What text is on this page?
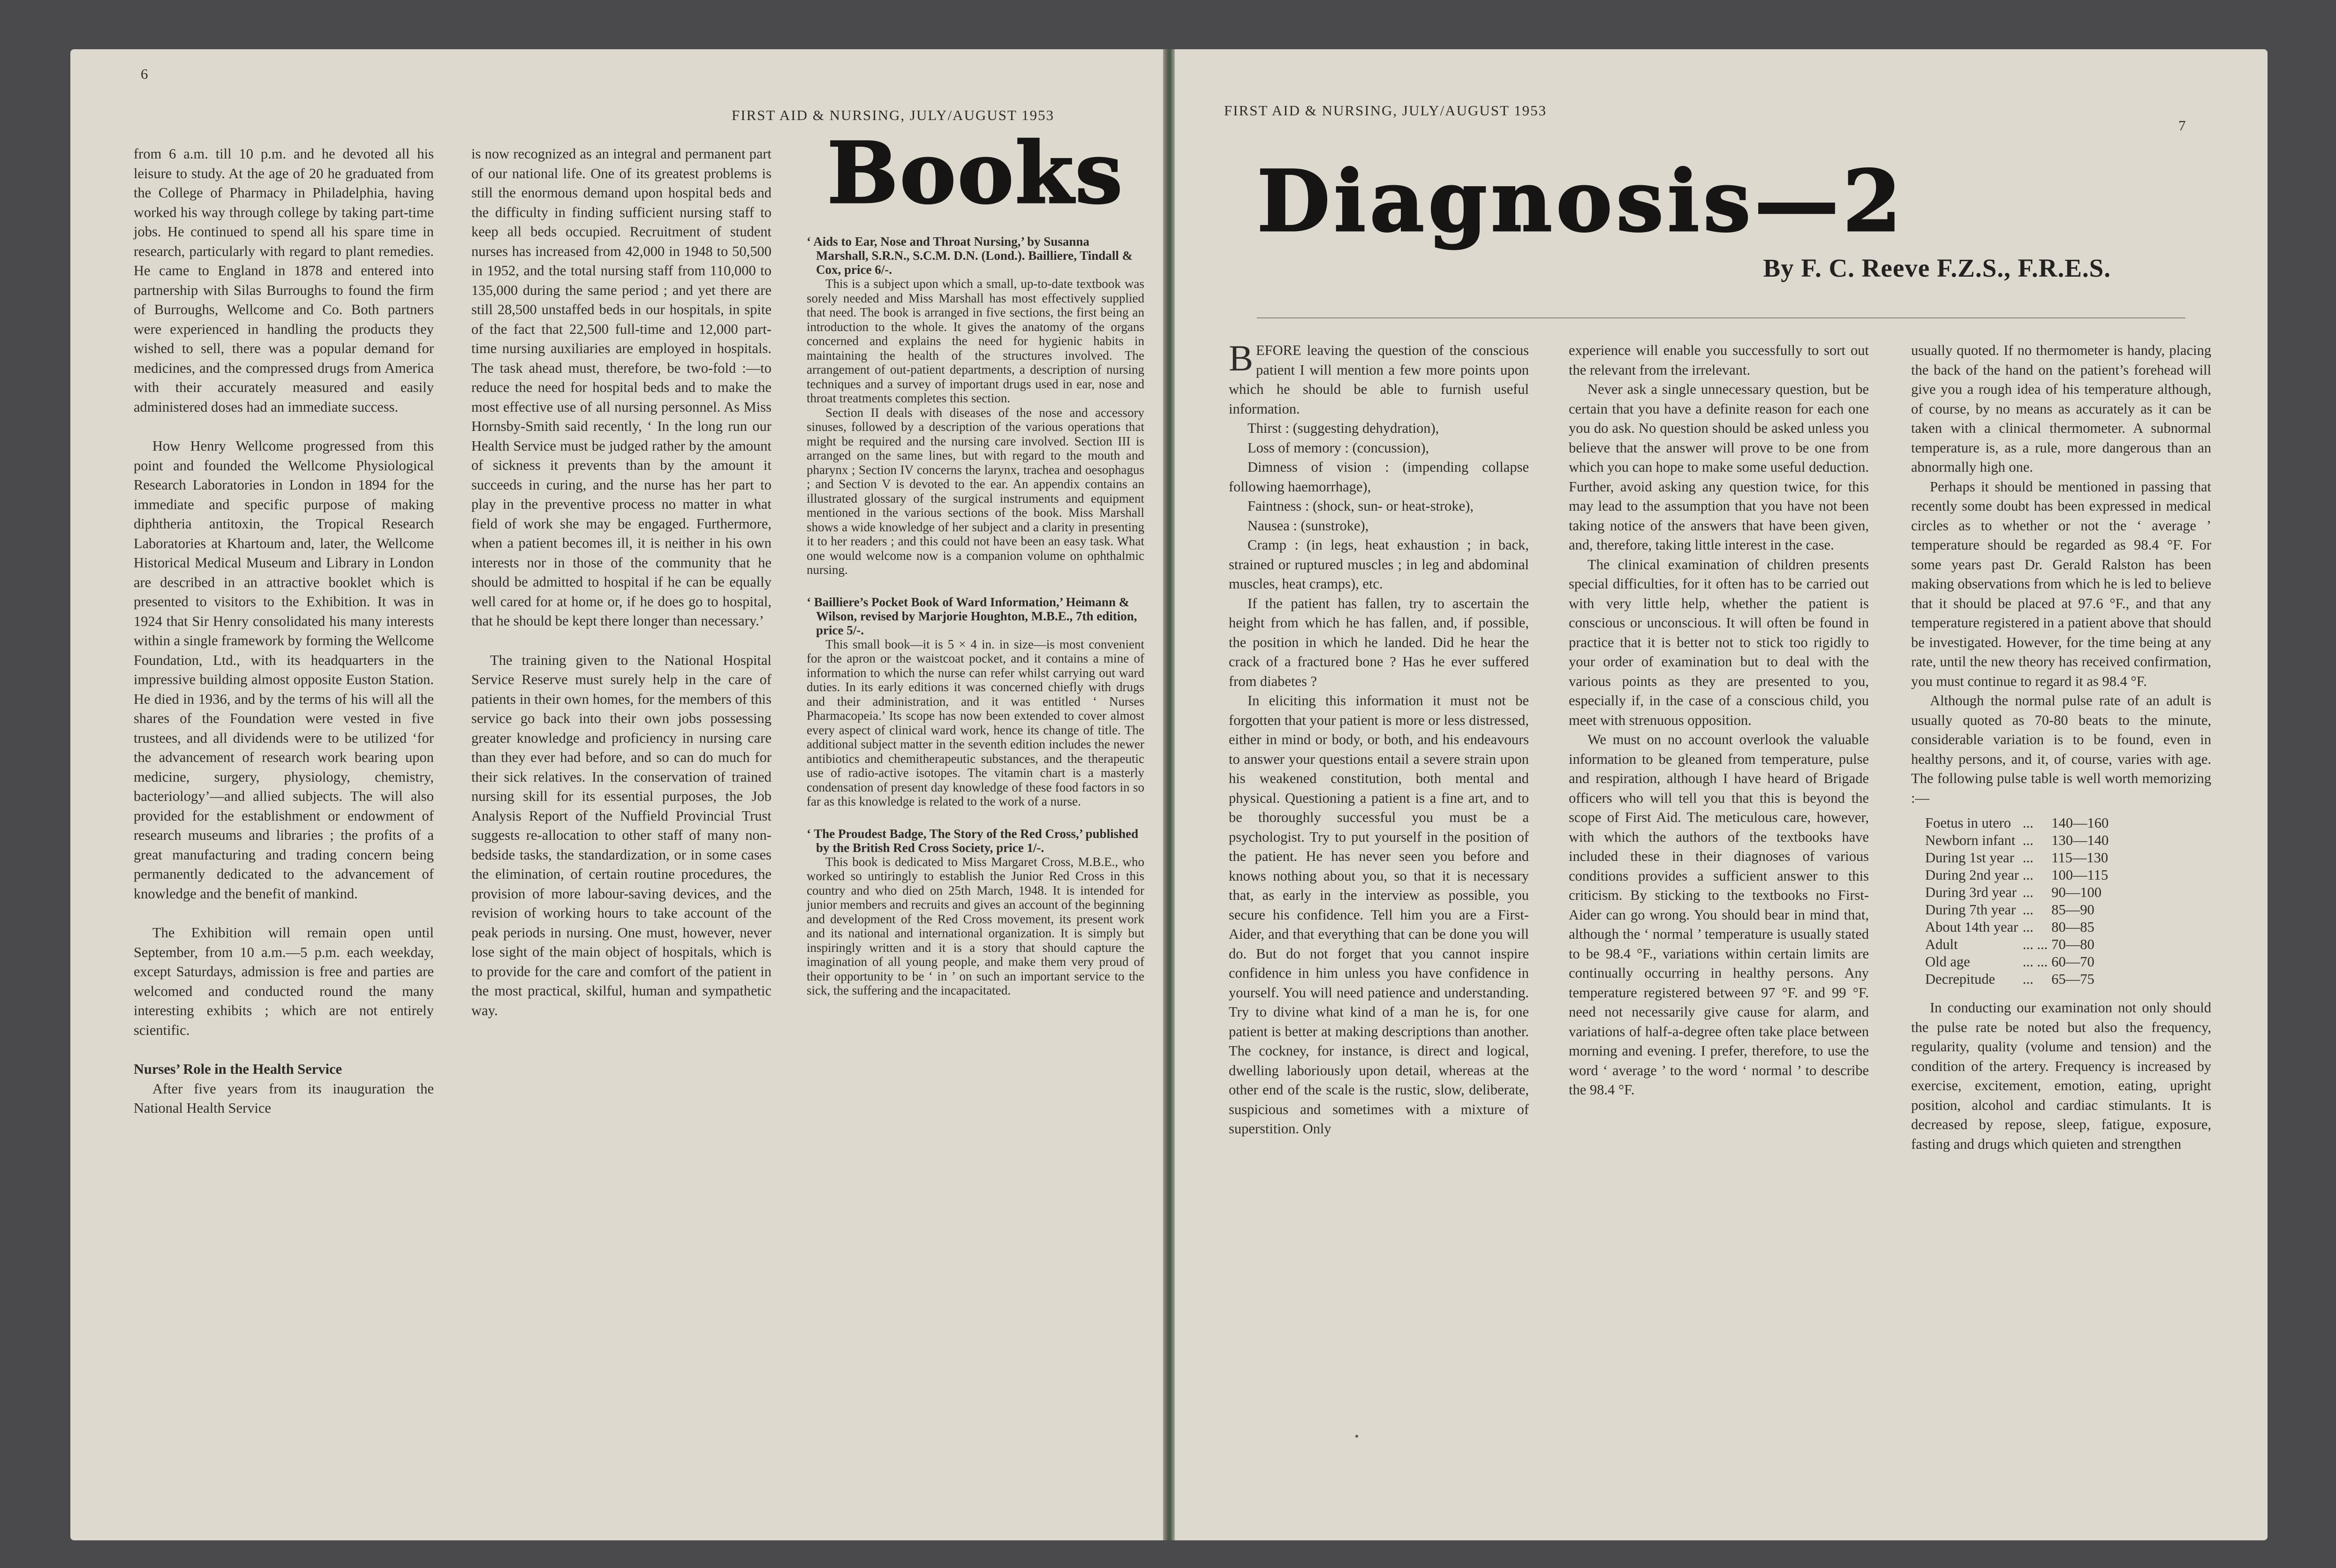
6
FIRST AID & NURSING, JULY/AUGUST 1953

from 6 a.m. till 10 p.m. and he devoted all his leisure to study. At the age of 20 he graduated from the College of Pharmacy in Philadelphia, having worked his way through college by taking part-time jobs. He continued to spend all his spare time in research, particularly with regard to plant remedies. He came to England in 1878 and entered into partnership with Silas Burroughs to found the firm of Burroughs, Wellcome and Co. Both partners were experienced in handling the products they wished to sell, there was a popular demand for medicines, and the compressed drugs from America with their accurately measured and easily administered doses had an immediate success.

How Henry Wellcome progressed from this point and founded the Wellcome Physiological Research Laboratories in London in 1894 for the immediate and specific purpose of making diphtheria antitoxin, the Tropical Research Laboratories at Khartoum and, later, the Wellcome Historical Medical Museum and Library in London are described in an attractive booklet which is presented to visitors to the Exhibition. It was in 1924 that Sir Henry consolidated his many interests within a single framework by forming the Wellcome Foundation, Ltd., with its headquarters in the impressive building almost opposite Euston Station. He died in 1936, and by the terms of his will all the shares of the Foundation were vested in five trustees, and all dividends were to be utilized ‘for the advancement of research work bearing upon medicine, surgery, physiology, chemistry, bacteriology’—and allied subjects. The will also provided for the establishment or endowment of research museums and libraries ; the profits of a great manufacturing and trading concern being permanently dedicated to the advancement of knowledge and the benefit of mankind.

The Exhibition will remain open until September, from 10 a.m.—5 p.m. each weekday, except Saturdays, admission is free and parties are welcomed and conducted round the many interesting exhibits ; which are not entirely scientific.

Nurses’ Role in the Health Service

After five years from its inauguration the National Health Service

is now recognized as an integral and permanent part of our national life. One of its greatest problems is still the enormous demand upon hospital beds and the difficulty in finding sufficient nursing staff to keep all beds occupied. Recruitment of student nurses has increased from 42,000 in 1948 to 50,500 in 1952, and the total nursing staff from 110,000 to 135,000 during the same period ; and yet there are still 28,500 unstaffed beds in our hospitals, in spite of the fact that 22,500 full-time and 12,000 part-time nursing auxiliaries are employed in hospitals. The task ahead must, therefore, be two-fold :—to reduce the need for hospital beds and to make the most effective use of all nursing personnel. As Miss Hornsby-Smith said recently, ‘ In the long run our Health Service must be judged rather by the amount of sickness it prevents than by the amount it succeeds in curing, and the nurse has her part to play in the preventive process no matter in what field of work she may be engaged. Furthermore, when a patient becomes ill, it is neither in his own interests nor in those of the community that he should be admitted to hospital if he can be equally well cared for at home or, if he does go to hospital, that he should be kept there longer than necessary.’

The training given to the National Hospital Service Reserve must surely help in the care of patients in their own homes, for the members of this service go back into their own jobs possessing greater knowledge and proficiency in nursing care than they ever had before, and so can do much for their sick relatives. In the conservation of trained nursing skill for its essential purposes, the Job Analysis Report of the Nuffield Provincial Trust suggests re-allocation to other staff of many non-bedside tasks, the standardization, or in some cases the elimination, of certain routine procedures, the provision of more labour-saving devices, and the revision of working hours to take account of the peak periods in nursing. One must, however, never lose sight of the main object of hospitals, which is to provide for the care and comfort of the patient in the most practical, skilful, human and sympathetic way.

Books

‘ Aids to Ear, Nose and Throat Nursing,’ by Susanna Marshall, S.R.N., S.C.M. D.N. (Lond.). Bailliere, Tindall & Cox, price 6/-.

This is a subject upon which a small, up-to-date textbook was sorely needed and Miss Marshall has most effectively supplied that need. The book is arranged in five sections, the first being an introduction to the whole. It gives the anatomy of the organs concerned and explains the need for hygienic habits in maintaining the health of the structures involved. The arrangement of out-patient departments, a description of nursing techniques and a survey of important drugs used in ear, nose and throat treatments completes this section.

Section II deals with diseases of the nose and accessory sinuses, followed by a description of the various operations that might be required and the nursing care involved. Section III is arranged on the same lines, but with regard to the mouth and pharynx ; Section IV concerns the larynx, trachea and oesophagus ; and Section V is devoted to the ear. An appendix contains an illustrated glossary of the surgical instruments and equipment mentioned in the various sections of the book. Miss Marshall shows a wide knowledge of her subject and a clarity in presenting it to her readers ; and this could not have been an easy task. What one would welcome now is a companion volume on ophthalmic nursing.

‘ Bailliere’s Pocket Book of Ward Information,’ Heimann & Wilson, revised by Marjorie Houghton, M.B.E., 7th edition, price 5/-.

This small book—it is 5 × 4 in. in size—is most convenient for the apron or the waistcoat pocket, and it contains a mine of information to which the nurse can refer whilst carrying out ward duties. In its early editions it was concerned chiefly with drugs and their administration, and it was entitled ‘ Nurses Pharmacopeia.’ Its scope has now been extended to cover almost every aspect of clinical ward work, hence its change of title. The additional subject matter in the seventh edition includes the newer antibiotics and chemitherapeutic substances, and the therapeutic use of radio-active isotopes. The vitamin chart is a masterly condensation of present day knowledge of these food factors in so far as this knowledge is related to the work of a nurse.

‘ The Proudest Badge, The Story of the Red Cross,’ published by the British Red Cross Society, price 1/-.

This book is dedicated to Miss Margaret Cross, M.B.E., who worked so untiringly to establish the Junior Red Cross in this country and who died on 25th March, 1948. It is intended for junior members and recruits and gives an account of the beginning and development of the Red Cross movement, its present work and its national and international organization. It is simply but inspiringly written and it is a story that should capture the imagination of all young people, and make them very proud of their opportunity to be ‘ in ’ on such an important service to the sick, the suffering and the incapacitated.

FIRST AID & NURSING, JULY/AUGUST 1953
7
Diagnosis—2
By F. C. Reeve F.Z.S., F.R.E.S.

BEFORE leaving the question of the conscious patient I will mention a few more points upon which he should be able to furnish useful information.

Thirst : (suggesting dehydration),

Loss of memory : (concussion),

Dimness of vision : (impending collapse following haemorrhage),

Faintness : (shock, sun- or heat-stroke),

Nausea : (sunstroke),

Cramp : (in legs, heat exhaustion ; in back, strained or ruptured muscles ; in leg and abdominal muscles, heat cramps), etc.

If the patient has fallen, try to ascertain the height from which he has fallen, and, if possible, the position in which he landed. Did he hear the crack of a fractured bone ? Has he ever suffered from diabetes ?

In eliciting this information it must not be forgotten that your patient is more or less distressed, either in mind or body, or both, and his endeavours to answer your questions entail a severe strain upon his weakened constitution, both mental and physical. Questioning a patient is a fine art, and to be thoroughly successful you must be a psychologist. Try to put yourself in the position of the patient. He has never seen you before and knows nothing about you, so that it is necessary that, as early in the interview as possible, you secure his confidence. Tell him you are a First-Aider, and that everything that can be done you will do. But do not forget that you cannot inspire confidence in him unless you have confidence in yourself. You will need patience and understanding. Try to divine what kind of a man he is, for one patient is better at making descriptions than another. The cockney, for instance, is direct and logical, dwelling laboriously upon detail, whereas at the other end of the scale is the rustic, slow, deliberate, suspicious and sometimes with a mixture of superstition. Only

experience will enable you successfully to sort out the relevant from the irrelevant.

Never ask a single unnecessary question, but be certain that you have a definite reason for each one you do ask. No question should be asked unless you believe that the answer will prove to be one from which you can hope to make some useful deduction. Further, avoid asking any question twice, for this may lead to the assumption that you have not been taking notice of the answers that have been given, and, therefore, taking little interest in the case.

The clinical examination of children presents special difficulties, for it often has to be carried out with very little help, whether the patient is conscious or unconscious. It will often be found in practice that it is better not to stick too rigidly to your order of examination but to deal with the various points as they are presented to you, especially if, in the case of a conscious child, you meet with strenuous opposition.

We must on no account overlook the valuable information to be gleaned from temperature, pulse and respiration, although I have heard of Brigade officers who will tell you that this is beyond the scope of First Aid. The meticulous care, however, with which the authors of the textbooks have included these in their diagnoses of various conditions provides a sufficient answer to this criticism. By sticking to the textbooks no First-Aider can go wrong. You should bear in mind that, although the ‘ normal ’ temperature is usually stated to be 98.4 °F., variations within certain limits are continually occurring in healthy persons. Any temperature registered between 97 °F. and 99 °F. need not necessarily give cause for alarm, and variations of half-a-degree often take place between morning and evening. I prefer, therefore, to use the word ‘ average ’ to the word ‘ normal ’ to describe the 98.4 °F.

usually quoted. If no thermometer is handy, placing the back of the hand on the patient’s forehead will give you a rough idea of his temperature although, of course, by no means as accurately as it can be taken with a clinical thermometer. A subnormal temperature is, as a rule, more dangerous than an abnormally high one.

Perhaps it should be mentioned in passing that recently some doubt has been expressed in medical circles as to whether or not the ‘ average ’ temperature should be regarded as 98.4 °F. For some years past Dr. Gerald Ralston has been making observations from which he is led to believe that it should be placed at 97.6 °F., and that any temperature registered in a patient above that should be investigated. However, for the time being at any rate, until the new theory has received confirmation, you must continue to regard it as 98.4 °F.

Although the normal pulse rate of an adult is usually quoted as 70-80 beats to the minute, considerable variation is to be found, even in healthy persons, and it, of course, varies with age. The following pulse table is well worth memorizing :—

Foetus in utero	...	140—160
Newborn infant	...	130—140
During 1st year	...	115—130
During 2nd year	...	100—115
During 3rd year	...	90—100
During 7th year	...	85—90
About 14th year	...	80—85
Adult	... ...	70—80
Old age	... ...	60—70
Decrepitude	...	65—75

In conducting our examination not only should the pulse rate be noted but also the frequency, regularity, quality (volume and tension) and the condition of the artery. Frequency is increased by exercise, excitement, emotion, eating, upright position, alcohol and cardiac stimulants. It is decreased by repose, sleep, fatigue, exposure, fasting and drugs which quieten and strengthen
